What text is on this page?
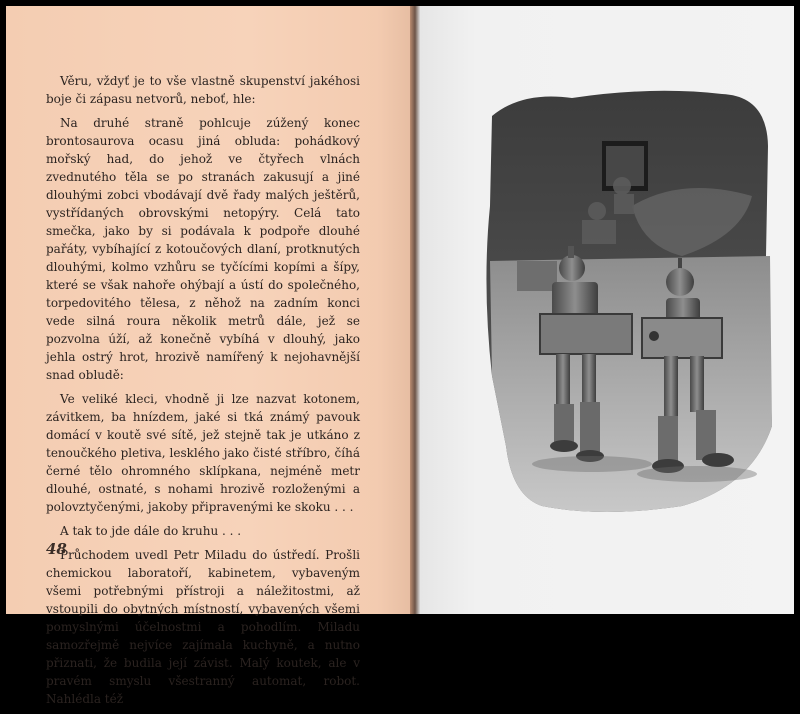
Věru, vždyť je to vše vlastně skupenství jakéhosi boje či zápasu netvorů, neboť, hle:

Na druhé straně pohlcuje zúžený konec brontosaurova ocasu jiná obluda: pohádkový mořský had, do jehož ve čtyřech vlnách zvednutého těla se po stranách zakusují a jiné dlouhými zobci vbodávají dvě řady malých ještěrů, vystřídaných obrovskými netopýry. Celá tato smečka, jako by si podávala k podpoře dlouhé pařáty, vybíhající z kotoučových dlaní, protknutých dlouhými, kolmo vzhůru se tyčícími kopími a šípy, které se však nahoře ohýbají a ústí do společného, torpedovitého tělesa, z něhož na zadním konci vede silná roura několik metrů dále, jež se pozvolna úží, až konečně vybíhá v dlouhý, jako jehla ostrý hrot, hrozivě namířený k nejohavnější snad obludě:

Ve veliké kleci, vhodně ji lze nazvat kotonem, závitkem, ba hnízdem, jaké si tká známý pavouk domácí v koutě své sítě, jež stejně tak je utkáno z tenoučkého pletiva, lesklého jako čisté stříbro, číhá černé tělo ohromného sklípkana, nejméně metr dlouhé, ostnaté, s nohami hrozivě rozloženými a polovztyčenými, jakoby připravenými ke skoku . . .

A tak to jde dále do kruhu . . .

Průchodem uvedl Petr Miladu do ústředí. Prošli chemickou laboratoří, kabinetem, vybaveným všemi potřebnými přístroji a náležitostmi, až vstoupili do obytných místností, vybavených všemi pomyslnými účelnostmi a pohodlím. Miladu samozřejmě nejvíce zajímala kuchyně, a nutno přiznati, že budila její závist. Malý koutek, ale v pravém smyslu všestranný automat, robot. Nahlédla též

48
